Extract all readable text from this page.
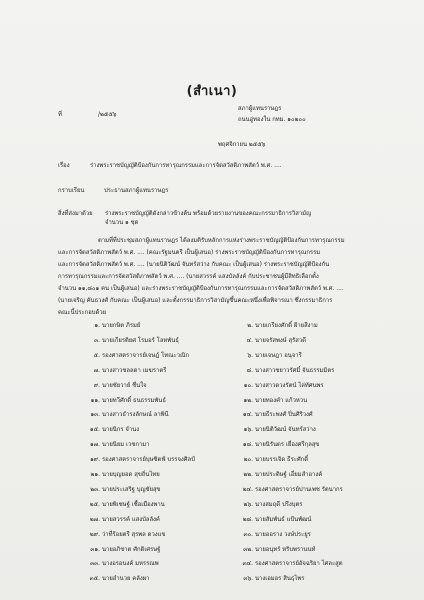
(สำเนา)
ที่	/๒๕๕๖
สภาผู้แทนราษฎร
ถนนอู่ทองใน กทม. ๑๐๒๐๐
พฤศจิกายน ๒๕๕๖
เรื่อง	ร่างพระราชบัญญัติป้องกันการทารุณกรรมและการจัดสวัสดิภาพสัตว์ พ.ศ. ....
กราบเรียน	ประธานสภาผู้แทนราษฎร
สิ่งที่ส่งมาด้วย ร่างพระราชบัญญัติดังกล่าวข้างต้น พร้อมด้วยรายงานของคณะกรรมาธิการวิสามัญ
จำนวน ๑ ชุด
ตามที่ที่ประชุมสภาผู้แทนราษฎร ได้ลงมติรับหลักการแห่งร่างพระราชบัญญัติป้องกันการทารุณกรรม
และการจัดสวัสดิภาพสัตว์ พ.ศ. .... (คณะรัฐมนตรี เป็นผู้เสนอ) ร่างพระราชบัญญัติป้องกันการทารุณกรรม
และการจัดสวัสดิภาพสัตว์ พ.ศ. .... (นายนิติวัฒน์ จันทร์สว่าง กับคณะ เป็นผู้เสนอ) ร่างพระราชบัญญัติป้องกัน
การทารุณกรรมและการจัดสวัสดิภาพสัตว์ พ.ศ. .... (นายสวรรค์ แสงบัลลังค์ กับประชาชนผู้มีสิทธิเลือกตั้ง
จำนวน ๑๑,๘๐๑ คน เป็นผู้เสนอ) และร่างพระราชบัญญัติป้องกันการทารุณกรรมและการจัดสวัสดิภาพสัตว์ พ.ศ. ....
(นายเจริญ คันธวงศ์ กับคณะ เป็นผู้เสนอ) และตั้งกรรมาธิการวิสามัญขึ้นคณะหนึ่งเพื่อพิจารณา ซึ่งกรรมาธิการ
คณะนี้ประกอบด้วย
๑. นายกษิต ภิรมย์
๓. นายเกียรติยศ โรมอร์ โลหพันธุ์
๕. รองศาสตราจารย์เจษฎ์ โทณะวณิก
๗. นางสาวชลลดา เมฆราตรี
๙. นายชัยวาย์ ชื่นใจ
๑๑. นายทวีศักดิ์ ธนธรรมพันธ์
๑๓. นางสาวธำรงลักษณ์ ลาพินี
๑๕. นายนิกร จำนง
๑๗. นายนิยม เวชกามา
๑๙. รองศาสตราจารย์บุษซิตฟ์ บรรจงศิลป์
๒๑. นายบุญยอด สุขถิ่นไทย
๒๓. นายประเสริฐ บุญชัยสุข
๒๕. นายพิเชษฐ์ เชื้อเมืองพาน
๒๗. นายสวรรค์ แสงบัลลังค์
๒๙. ว่าที่ร้อยตรี สุรพล ดวงแข
๓๑. นายอภิชาต ศักดิเศรษฐ์
๓๓. นางอรอนงค์ มหรรณพ
๓๕. นายอำนวย คลังผา
๒. นายเกรียงศักดิ์ ฝ้ายสีงาม
๔. นายจรัสพงษ์ สุรัสวดี
๖. นายเจษฎา อนุจารี
๘. นางสาวชยาวรัศมิ์ จันธรรมมิตร
๑๐. นางสาวดวงรัตน์ ไล่ทัศนพร
๑๒. นายทองคำ แก้วหวน
๑๔. นายธีระพงศ์ ปิ่นศิริวงศ์
๑๖. นายนิติวัฒน์ จันทร์สว่าง
๑๘. นายนิรันดร เยื่องศรีกุลสุข
๒๐. นายบรรเจิด ธีระศักดิ์
๒๒. นายประดิษฐ์ เอี่ยมสำอางค์
๒๔. รองศาสตราจารย์ปานเพช รัตนากร
๒๖. นางสมฤดี ปรีงบุตร
๒๘. นายสัมพันธ์ แป้นพัฒน์
๓๐. นายออราง วงษ์ประยูร
๓๒. นายอนุทร์ หริบพรานนท์
๓๔. รองศาสตราจารย์อัจฉริยา ไศละสูต
๓๖. นางเอมอร สินธุไพร
